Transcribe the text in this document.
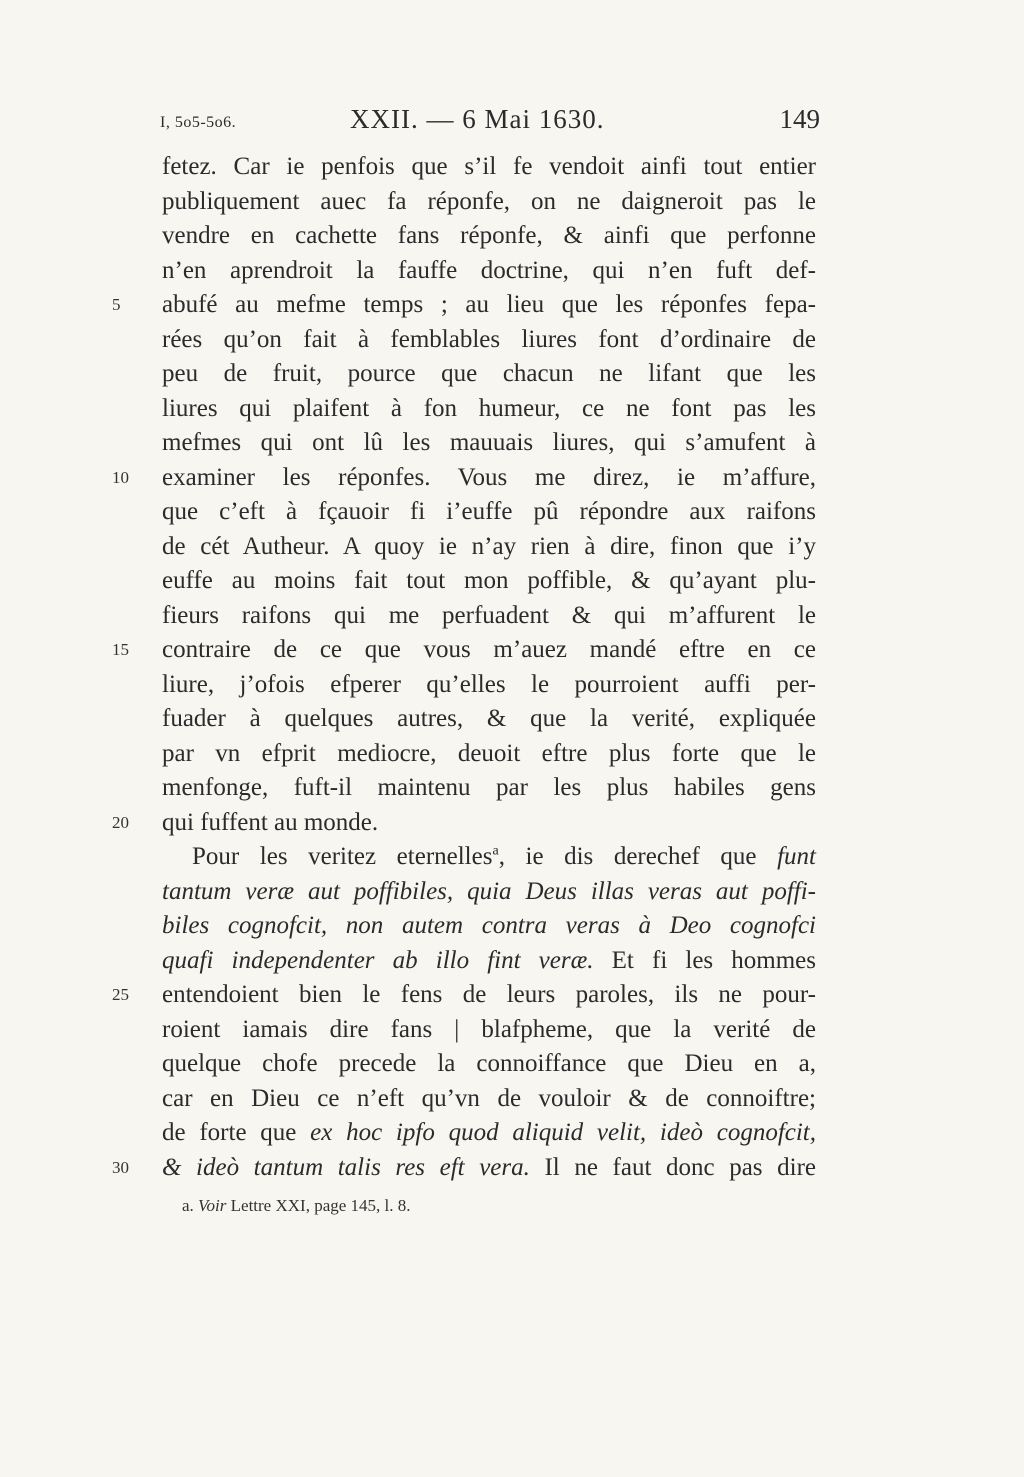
I, 5o5-5o6.	XXII. — 6 Mai 1630.	149
fetez. Car ie penfois que s’il fe vendoit ainfi tout entier
publiquement auec fa réponfe, on ne daigneroit pas le
vendre en cachette fans réponfe, & ainfi que perfonne
n’en aprendroit la fauffe doctrine, qui n’en fuft def-
5	abufé au mefme temps ; au lieu que les réponfes fepa-
rées qu’on fait à femblables liures font d’ordinaire de
peu de fruit, pource que chacun ne lifant que les
liures qui plaifent à fon humeur, ce ne font pas les
mefmes qui ont lû les mauuais liures, qui s’amufent à
10	examiner les réponfes. Vous me direz, ie m’affure,
que c’eft à fçauoir fi i’euffe pû répondre aux raifons
de cét Autheur. A quoy ie n’ay rien à dire, finon que i’y
euffe au moins fait tout mon poffible, & qu’ayant plu-
fieurs raifons qui me perfuadent & qui m’affurent le
15	contraire de ce que vous m’auez mandé eftre en ce
liure, j’ofois efperer qu’elles le pourroient auffi per-
fuader à quelques autres, & que la verité, expliquée
par vn efprit mediocre, deuoit eftre plus forte que le
menfonge, fuft-il maintenu par les plus habiles gens
20	qui fuffent au monde.
Pour les veritez eternelles$^a$, ie dis derechef que funt
tantum veræ aut poffibiles, quia Deus illas veras aut poffi-
biles cognofcit, non autem contra veras à Deo cognofci
quafi independenter ab illo fint veræ. Et fi les hommes
25	entendoient bien le fens de leurs paroles, ils ne pour-
roient iamais dire fans | blafpheme, que la verité de
quelque chofe precede la connoiffance que Dieu en a,
car en Dieu ce n’eft qu’vn de vouloir & de connoiftre;
de forte que ex hoc ipfo quod aliquid velit, ideò cognofcit,
30	& ideò tantum talis res eft vera. Il ne faut donc pas dire
a. Voir Lettre XXI, page 145, l. 8.
